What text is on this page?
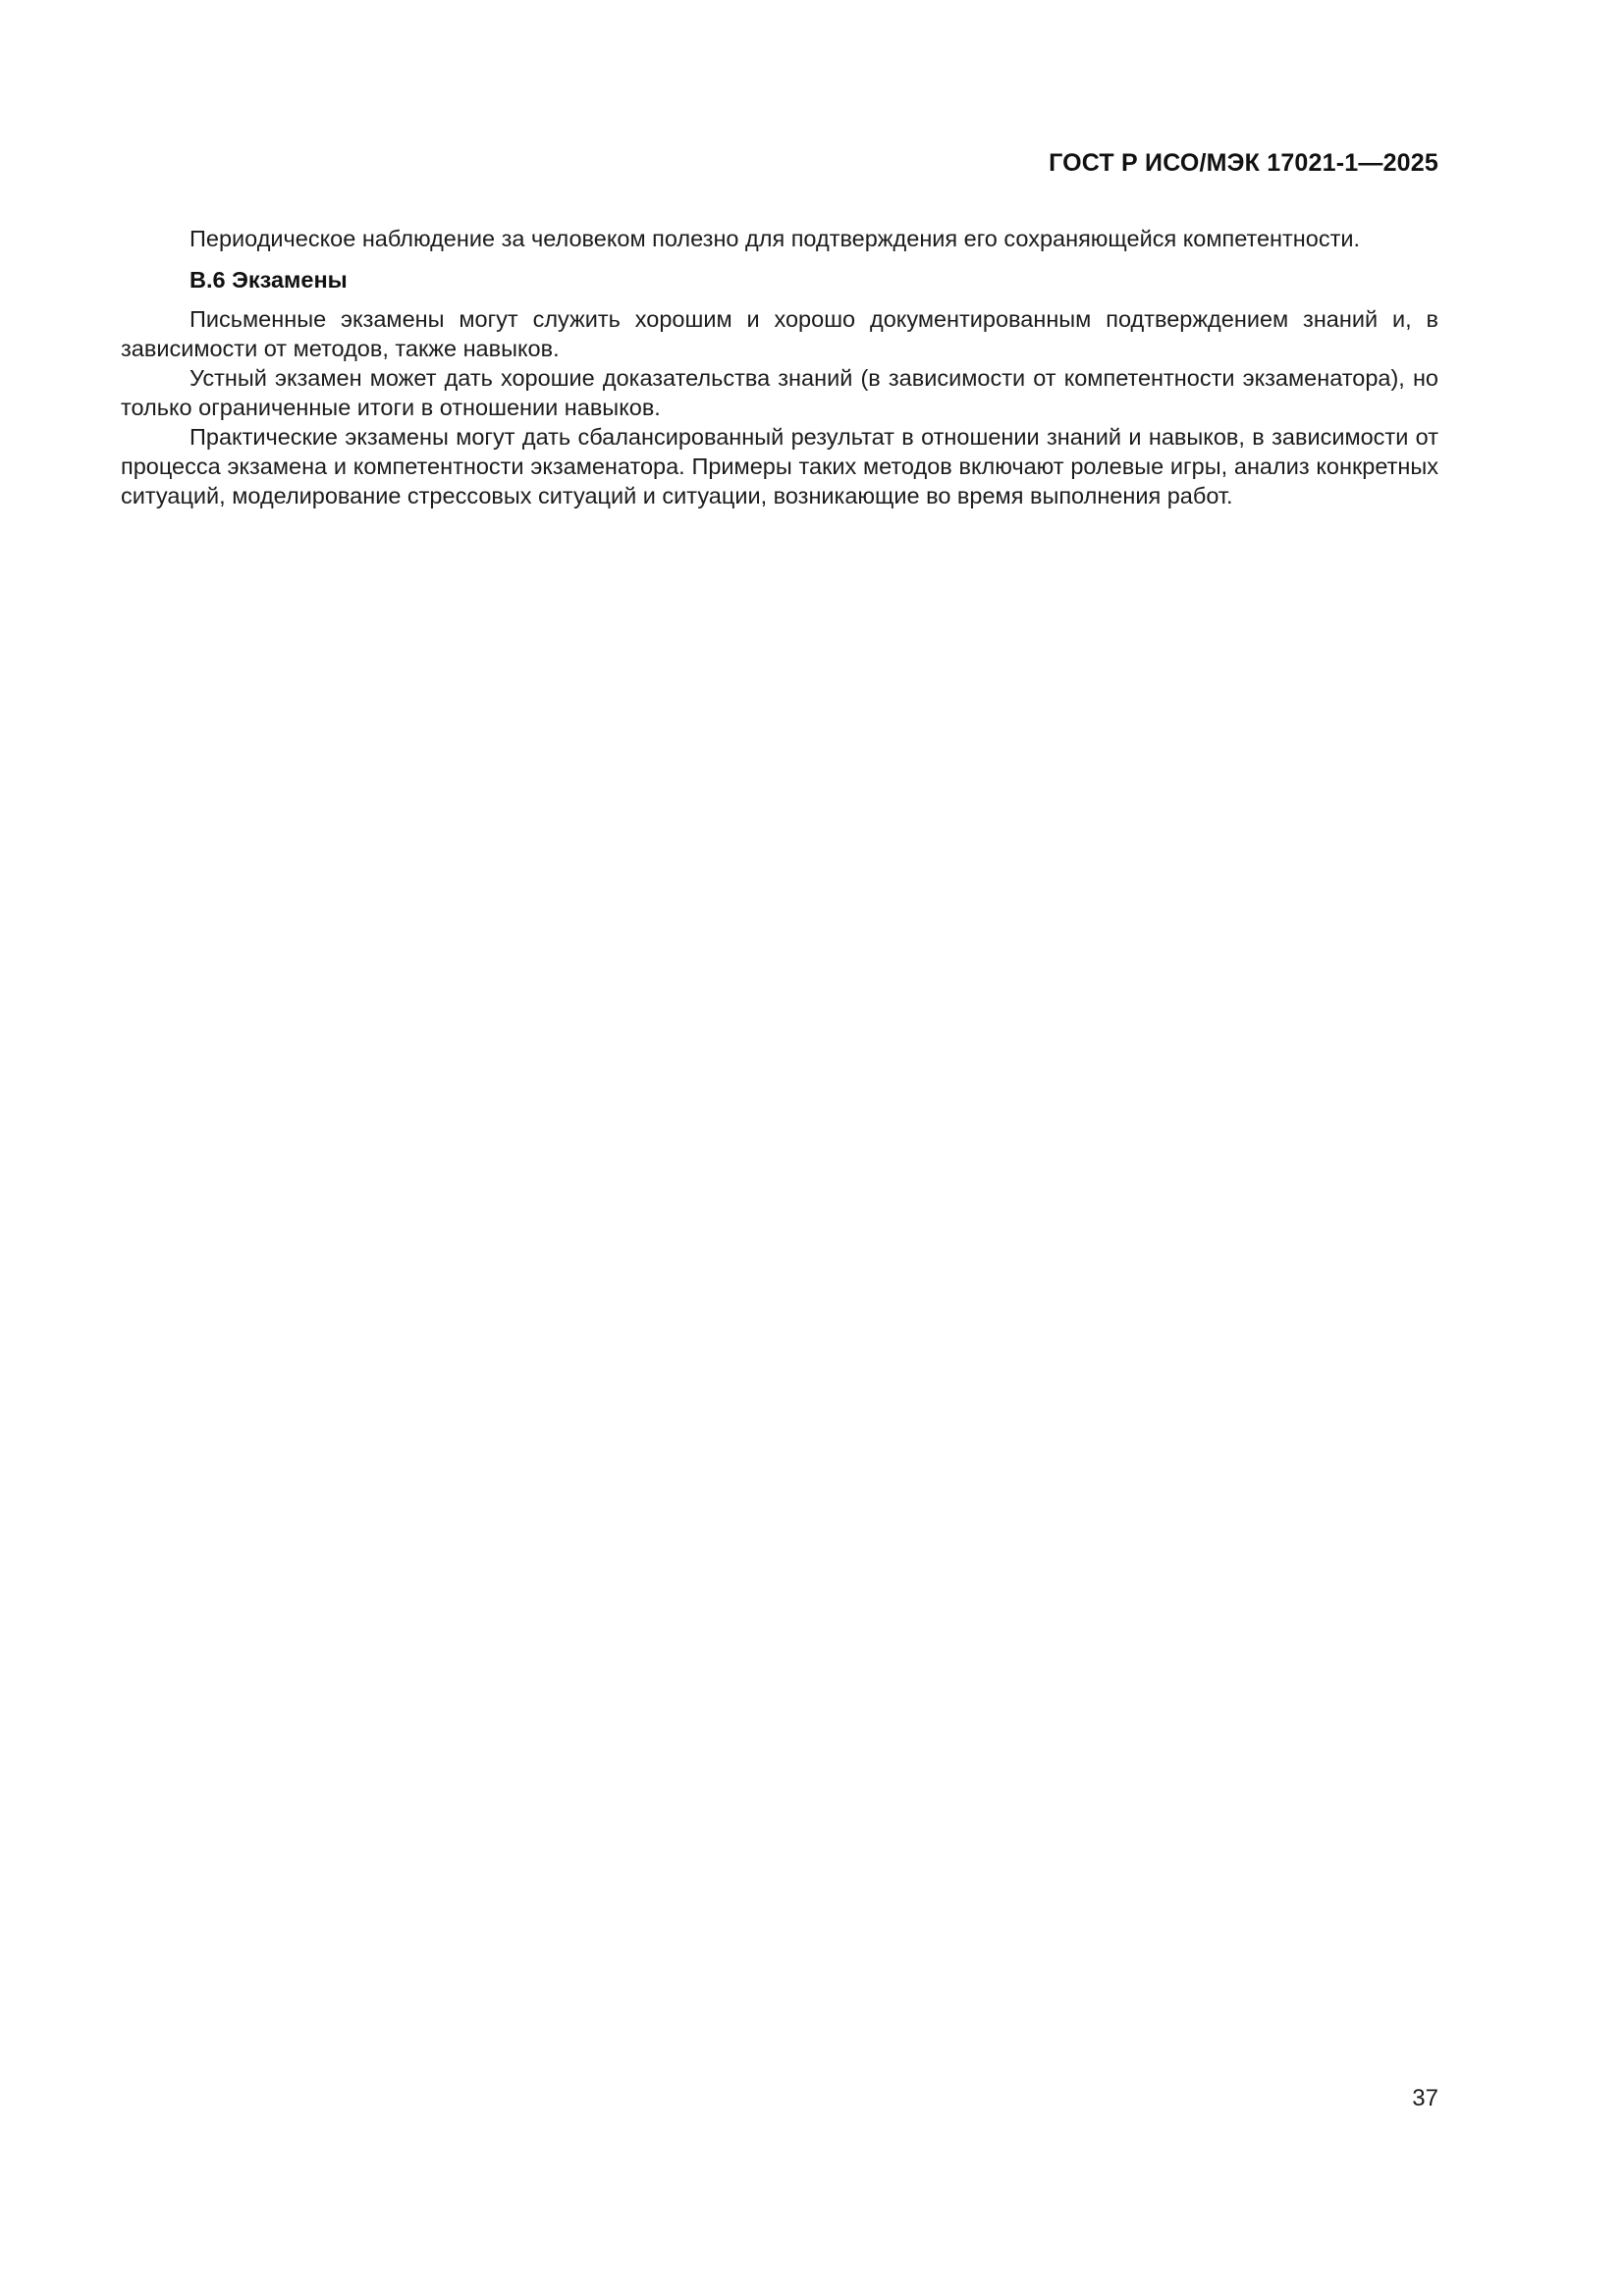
ГОСТ Р ИСО/МЭК 17021-1—2025

Периодическое наблюдение за человеком полезно для подтверждения его сохраняющейся компетентности.

В.6 Экзамены

Письменные экзамены могут служить хорошим и хорошо документированным подтверждением знаний и, в зависимости от методов, также навыков.

Устный экзамен может дать хорошие доказательства знаний (в зависимости от компетентности экзаменатора), но только ограниченные итоги в отношении навыков.

Практические экзамены могут дать сбалансированный результат в отношении знаний и навыков, в зависимости от процесса экзамена и компетентности экзаменатора. Примеры таких методов включают ролевые игры, анализ конкретных ситуаций, моделирование стрессовых ситуаций и ситуации, возникающие во время выполнения работ.

37
